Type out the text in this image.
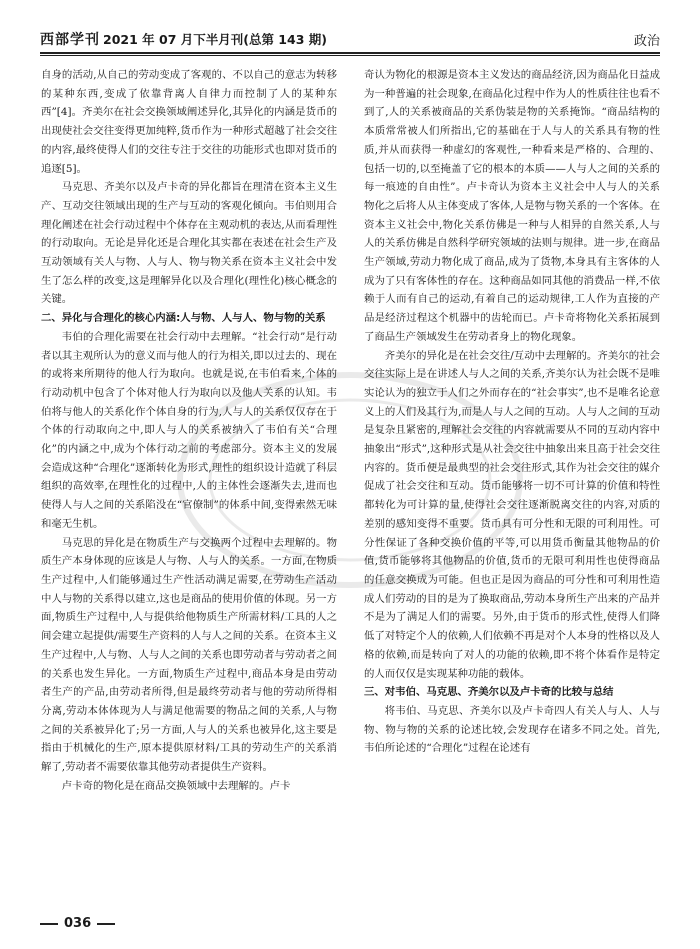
西部学刊 2021 年 07 月下半月刊(总第 143 期)	政治

自身的活动,从自己的劳动变成了客观的、不以自己的意志为转移的某种东西,变成了依靠背离人自律力而控制了人的某种东西”[4]。齐美尔在社会交换领域阐述异化,其异化的内涵是货币的出现使社会交往变得更加纯粹,货币作为一种形式超越了社会交往的内容,最终使得人们的交往专注于交往的功能形式也即对货币的追逐[5]。

马克思、齐美尔以及卢卡奇的异化都旨在理清在资本主义生产、互动交往领域出现的生产与互动的客观化倾向。韦伯则用合理化阐述在社会行动过程中个体存在主观动机的表达,从而看理性的行动取向。无论是异化还是合理化其实都在表述在社会生产及互动领域有关人与物、人与人、物与物关系在资本主义社会中发生了怎么样的改变,这是理解异化以及合理化(理性化)核心概念的关键。

二、异化与合理化的核心内涵:人与物、人与人、物与物的关系

韦伯的合理化需要在社会行动中去理解。“社会行动”是行动者以其主观所认为的意义而与他人的行为相关,即以过去的、现在的或将来所期待的他人行为取向。也就是说,在韦伯看来,个体的行动动机中包含了个体对他人行为取向以及他人关系的认知。韦伯将与他人的关系化作个体自身的行为,人与人的关系仅仅存在于个体的行动取向之中,即人与人的关系被纳入了韦伯有关“合理化”的内涵之中,成为个体行动之前的考虑部分。资本主义的发展会造成这种“合理化”逐渐转化为形式,理性的组织设计造就了科层组织的高效率,在理性化的过程中,人的主体性会逐渐失去,进而也使得人与人之间的关系陷没在“官僚制”的体系中间,变得索然无味和毫无生机。

马克思的异化是在物质生产与交换两个过程中去理解的。物质生产本身体现的应该是人与物、人与人的关系。一方面,在物质生产过程中,人们能够通过生产性活动满足需要,在劳动生产活动中人与物的关系得以建立,这也是商品的使用价值的体现。另一方面,物质生产过程中,人与提供给他物质生产所需材料/工具的人之间会建立起提供/需要生产资料的人与人之间的关系。在资本主义生产过程中,人与物、人与人之间的关系也即劳动者与劳动者之间的关系也发生异化。一方面,物质生产过程中,商品本身是由劳动者生产的产品,由劳动者所得,但是最终劳动者与他的劳动所得相分离,劳动本体体现为人与满足他需要的物品之间的关系,人与物之间的关系被异化了;另一方面,人与人的关系也被异化,这主要是指由于机械化的生产,原本提供原材料/工具的劳动生产的关系消解了,劳动者不需要依靠其他劳动者提供生产资料。

卢卡奇的物化是在商品交换领域中去理解的。卢卡

奇认为物化的根源是资本主义发达的商品经济,因为商品化日益成为一种普遍的社会现象,在商品化过程中作为人的性质往往也看不到了,人的关系被商品的关系伪装是物的关系掩饰。“商品结构的本质常常被人们所指出,它的基础在于人与人的关系具有物的性质,并从而获得一种虚幻的客观性,一种看来是严格的、合理的、包括一切的,以至掩盖了它的根本的本质——人与人之间的关系的每一痕迹的自由性”。卢卡奇认为资本主义社会中人与人的关系物化之后将人从主体变成了客体,人是物与物关系的一个客体。在资本主义社会中,物化关系仿佛是一种与人相异的自然关系,人与人的关系仿佛是自然科学研究领域的法则与规律。进一步,在商品生产领域,劳动力物化成了商品,成为了货物,本身具有主客体的人成为了只有客体性的存在。这种商品如同其他的消费品一样,不依赖于人而有自己的运动,有着自己的运动规律,工人作为直接的产品是经济过程这个机器中的齿轮而已。卢卡奇将物化关系拓展到了商品生产领域发生在劳动者身上的物化现象。

齐美尔的异化是在社会交往/互动中去理解的。齐美尔的社会交往实际上是在讲述人与人之间的关系,齐美尔认为社会既不是唯实论认为的独立于人们之外而存在的“社会事实”,也不是唯名论意义上的人们及其行为,而是人与人之间的互动。人与人之间的互动是复杂且紧密的,理解社会交往的内容就需要从不同的互动内容中抽象出“形式”,这种形式是从社会交往中抽象出来且高于社会交往内容的。货币便是最典型的社会交往形式,其作为社会交往的媒介促成了社会交往和互动。货币能够将一切不可计算的价值和特性都转化为可计算的量,使得社会交往逐渐脱离交往的内容,对质的差别的感知变得不重要。货币具有可分性和无限的可利用性。可分性保证了各种交换价值的平等,可以用货币衡量其他物品的价值,货币能够将其他物品的价值,货币的无限可利用性也使得商品的任意交换成为可能。但也正是因为商品的可分性和可利用性造成人们劳动的目的是为了换取商品,劳动本身所生产出来的产品并不是为了满足人们的需要。另外,由于货币的形式性,使得人们降低了对特定个人的依赖,人们依赖不再是对个人本身的性格以及人格的依赖,而是转向了对人的功能的依赖,即不将个体看作是特定的人而仅仅是实现某种功能的载体。

三、对韦伯、马克思、齐美尔以及卢卡奇的比较与总结

将韦伯、马克思、齐美尔以及卢卡奇四人有关人与人、人与物、物与物的关系的论述比较,会发现存在诸多不同之处。首先,韦伯所论述的“合理化”过程在论述有

036
